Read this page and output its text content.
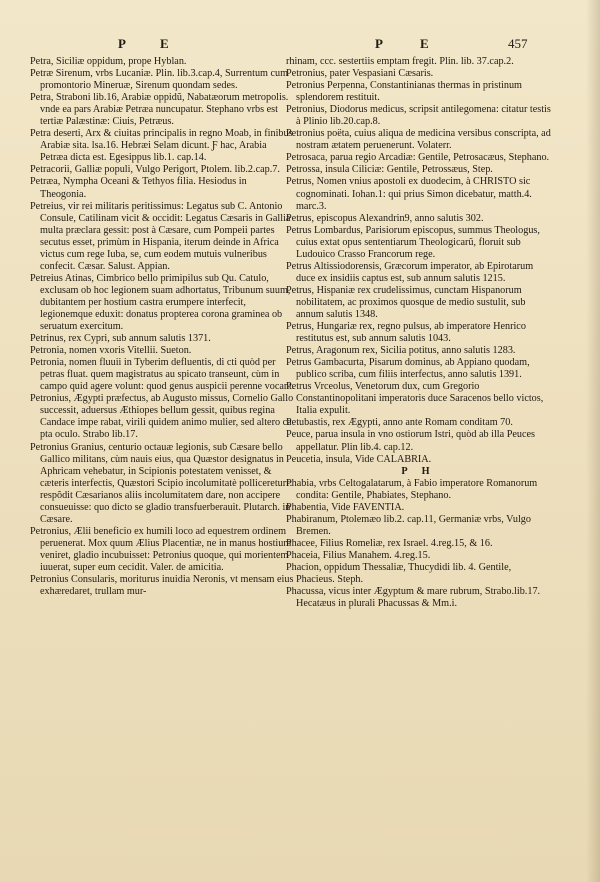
P	E	P	E	457

Petra, Siciliæ oppidum, prope Hyblan.

Petræ Sirenum, vrbs Lucaniæ. Plin. lib.3.cap.4, Surrentum cum promontorio Mineruæ, Sirenum quondam sedes.

Petra, Straboni lib.16, Arabiæ oppidũ, Nabatæorum metropolis. vnde ea pars Arabiæ Petræa nuncupatur. Stephano vrbs est tertiæ Palæstinæ: Ciuis, Petræus.

Petra deserti, Arx & ciuitas principalis in regno Moab, in finibus Arabiæ sita. lsa.16. Hebræi Selam dicunt. Ƒ hac, Arabia Petræa dicta est. Egesippus lib.1. cap.14.

Petracorii, Galliæ populi, Vulgo Perigort, Ptolem. lib.2.cap.7.

Petræa, Nympha Oceani & Tethyos filia. Hesiodus in Theogonia.

Petreius, vir rei militaris peritissimus: Legatus sub C. Antonio Consule, Catilinam vicit & occidit: Legatus Cæsaris in Gallia multa præclara gessit: post à Cæsare, cum Pompeii partes secutus esset, primùm in Hispania, iterum deinde in Africa victus cum rege Iuba, se, cum eodem mutuis vulneribus confecit. Cæsar. Salust. Appian.

Petreius Atinas, Cimbrico bello primipilus sub Qu. Catulo, exclusam ob hoc legionem suam adhortatus, Tribunum suum, dubitantem per hostium castra erumpere interfecit, legionemque eduxit: donatus propterea corona graminea ob seruatum exercitum.

Petrinus, rex Cypri, sub annum salutis 1371.

Petronia, nomen vxoris Vitellii. Sueton.

Petronia, nomen fluuii in Tyberim defluentis, di cti quòd per petras fluat. quem magistratus au spicato transeunt, cùm in campo quid agere volunt: quod genus auspicii perenne vocant.

Petronius, Ægypti præfectus, ab Augusto missus, Cornelio Gallo successit, aduersus Æthiopes bellum gessit, quibus regina Candace impe rabat, virili quidem animo mulier, sed altero ca pta oculo. Strabo lib.17.

Petronius Granius, centurio octauæ legionis, sub Cæsare bello Gallico militans, cùm nauis eius, qua Quæstor designatus in Aphricam vehebatur, in Scipionis potestatem venisset, & cæteris interfectis, Quæstori Scipio incolumitatè pollicereturr: respõdit Cæsarianos aliis incolumitatem dare, non accipere consueuisse: quo dicto se gladio transfuerberauit. Plutarch. in Cæsare.

Petronius, Ælii beneficio ex humili loco ad equestrem ordinem peruenerat. Mox quum Ælius Placentiæ, ne in manus hostium veniret, gladio incubuisset: Petronius quoque, qui morientem iuuerat, super eum cecidit. Valer. de amicitia.

Petronius Consularis, moriturus inuidia Neronis, vt mensam eius exhæredaret, trullam mur-

rhinam, ccc. sestertiis emptam fregit. Plin. lib. 37.cap.2.

Petronius, pater Vespasiani Cæsaris.

Petronius Perpenna, Constantinianas thermas in pristinum splendorem restituit.

Petronius, Diodorus medicus, scripsit antilegomena: citatur testis à Plinio lib.20.cap.8.

Petronius poëta, cuius aliqua de medicina versibus conscripta, ad nostram ætatem peruenerunt. Volaterr.

Petrosaca, parua regio Arcadiæ: Gentile, Petrosacæus, Stephano.

Petrossa, insula Ciliciæ: Gentile, Petrossæus, Step.

Petrus, Nomen vnius apostoli ex duodecim, à CHRISTO sic cognominati. Iohan.1: qui prius Simon dicebatur, matth.4. marc.3.

Petrus, episcopus Alexandrin9, anno salutis 302.

Petrus Lombardus, Parisiorum episcopus, summus Theologus, cuius extat opus sententiarum Theologicarũ, floruit sub Ludouico Crasso Francorum rege.

Petrus Altissiodorensis, Græcorum imperator, ab Epirotarum duce ex insidiis captus est, sub annum salutis 1215.

Petrus, Hispaniæ rex crudelissimus, cunctam Hispanorum nobilitatem, ac proximos quosque de medio sustulit, sub annum salutis 1348.

Petrus, Hungariæ rex, regno pulsus, ab imperatore Henrico restitutus est, sub annum salutis 1043.

Petrus, Aragonum rex, Sicilia potitus, anno salutis 1283.

Petrus Gambacurta, Pisarum dominus, ab Appiano quodam, publico scriba, cum filiis interfectus, anno salutis 1391.

Petrus Vrceolus, Venetorum dux, cum Gregorio Constantinopolitani imperatoris duce Saracenos bello victos, Italia expulit.

Petubastis, rex Ægypti, anno ante Romam conditam 70.

Peuce, parua insula in vno ostiorum Istri, quòd ab illa Peuces appellatur. Plin lib.4. cap.12.

Peucetia, insula, Vide CALABRIA.

P H

Phabia, vrbs Celtogalatarum, à Fabio imperatore Romanorum condita: Gentile, Phabiates, Stephano.

Phabentia, Vide FAVENTIA.

Phabiranum, Ptolemæo lib.2. cap.11, Germaniæ vrbs, Vulgo Bremen.

Phacee, Filius Romeliæ, rex Israel. 4.reg.15, & 16.

Phaceia, Filius Manahem. 4.reg.15.

Phacion, oppidum Thessaliæ, Thucydidi lib. 4. Gentile, Phacieus. Steph.

Phacussa, vicus inter Ægyptum & mare rubrum, Strabo.lib.17. Hecatæus in plurali Phacussas & Mm.i.
